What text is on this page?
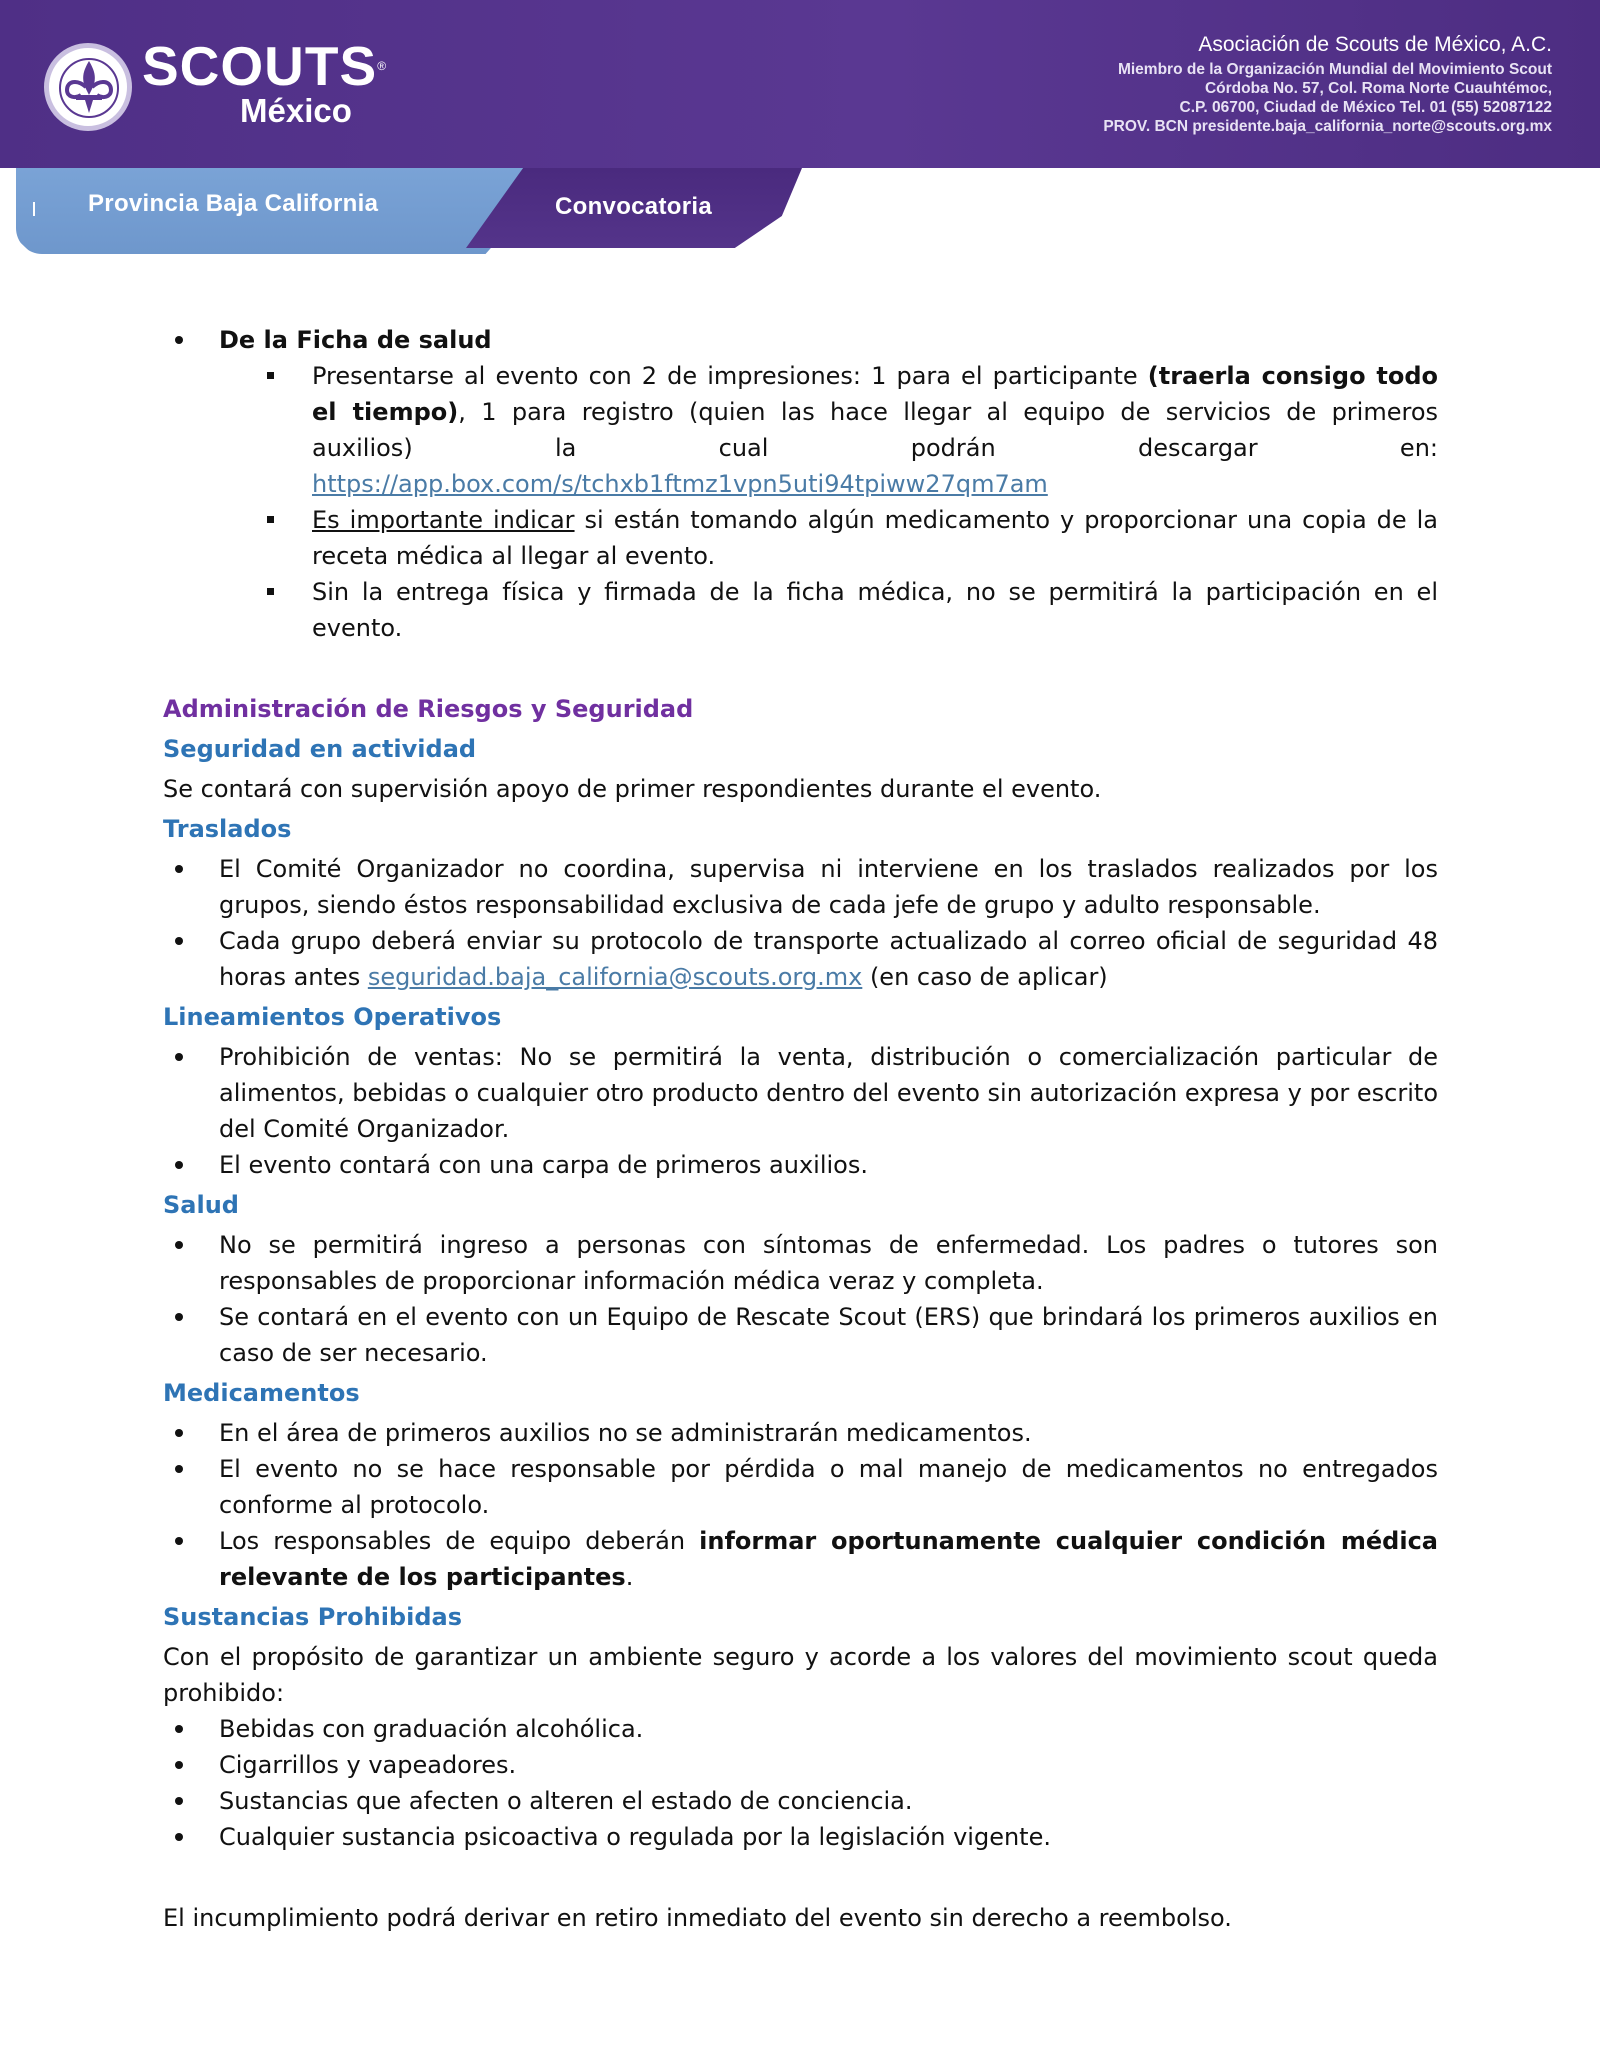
SCOUTS®
México
Asociación de Scouts de México, A.C.
Miembro de la Organización Mundial del Movimiento Scout
Córdoba No. 57, Col. Roma Norte Cuauhtémoc,
C.P. 06700, Ciudad de México Tel. 01 (55) 52087122
PROV. BCN presidente.baja_california_norte@scouts.org.mx
Provincia Baja California	Convocatoria
De la Ficha de salud
Presentarse al evento con 2 de impresiones: 1 para el participante (traerla consigo todo el tiempo), 1 para registro (quien las hace llegar al equipo de servicios de primeros auxilios) la cual podrán descargar en: https://app.box.com/s/tchxb1ftmz1vpn5uti94tpiww27qm7am
Es importante indicar si están tomando algún medicamento y proporcionar una copia de la receta médica al llegar al evento.
Sin la entrega física y firmada de la ficha médica, no se permitirá la participación en el evento.
Administración de Riesgos y Seguridad
Seguridad en actividad
Se contará con supervisión apoyo de primer respondientes durante el evento.
Traslados
El Comité Organizador no coordina, supervisa ni interviene en los traslados realizados por los grupos, siendo éstos responsabilidad exclusiva de cada jefe de grupo y adulto responsable.
Cada grupo deberá enviar su protocolo de transporte actualizado al correo oficial de seguridad 48 horas antes seguridad.baja_california@scouts.org.mx (en caso de aplicar)
Lineamientos Operativos
Prohibición de ventas: No se permitirá la venta, distribución o comercialización particular de alimentos, bebidas o cualquier otro producto dentro del evento sin autorización expresa y por escrito del Comité Organizador.
El evento contará con una carpa de primeros auxilios.
Salud
No se permitirá ingreso a personas con síntomas de enfermedad. Los padres o tutores son responsables de proporcionar información médica veraz y completa.
Se contará en el evento con un Equipo de Rescate Scout (ERS) que brindará los primeros auxilios en caso de ser necesario.
Medicamentos
En el área de primeros auxilios no se administrarán medicamentos.
El evento no se hace responsable por pérdida o mal manejo de medicamentos no entregados conforme al protocolo.
Los responsables de equipo deberán informar oportunamente cualquier condición médica relevante de los participantes.
Sustancias Prohibidas
Con el propósito de garantizar un ambiente seguro y acorde a los valores del movimiento scout queda prohibido:
Bebidas con graduación alcohólica.
Cigarrillos y vapeadores.
Sustancias que afecten o alteren el estado de conciencia.
Cualquier sustancia psicoactiva o regulada por la legislación vigente.
El incumplimiento podrá derivar en retiro inmediato del evento sin derecho a reembolso.
